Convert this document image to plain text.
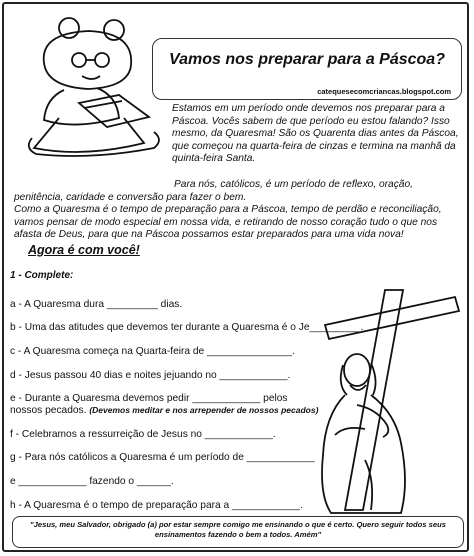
Vamos nos preparar para a Páscoa?
catequesecomcriancas.blogspot.com
Estamos em um período onde devemos nos preparar para a Páscoa. Vocês sabem de que período eu estou falando? Isso mesmo, da Quaresma! São os Quarenta dias antes da Páscoa, que começou na quarta-feira de cinzas e termina na manhã da quinta-feira Santa.
Para nós, católicos, é um período de reflexo, oração,
penitência, caridade e conversão para fazer o bem.
Como a Quaresma é o tempo de preparação para a Páscoa, tempo de perdão e reconciliação, vamos pensar de modo especial em nossa vida, e retirando de nosso coração tudo o que nos afasta de Deus, para que na Páscoa possamos estar preparados para uma vida nova!
Agora é com você!
1 - Complete:
a - A Quaresma dura _________ dias.
b - Uma das atitudes que devemos ter durante a Quaresma é o Je_________.
c - A Quaresma começa na Quarta-feira de _______________.
d - Jesus passou 40 dias e noites jejuando no ____________.
e - Durante a Quaresma devemos pedir ____________ pelos
nossos pecados. (Devemos meditar e nos arrepender de nossos pecados)
f - Celebramos a ressurreição de Jesus no ____________.
g - Para nós católicos a Quaresma é um período de ____________
e ____________ fazendo o ______.
h - A Quaresma é o tempo de preparação para a ____________.
"Jesus, meu Salvador, obrigado (a) por estar sempre comigo me ensinando o que é certo. Quero seguir todos seus ensinamentos fazendo o bem a todos. Amém"
